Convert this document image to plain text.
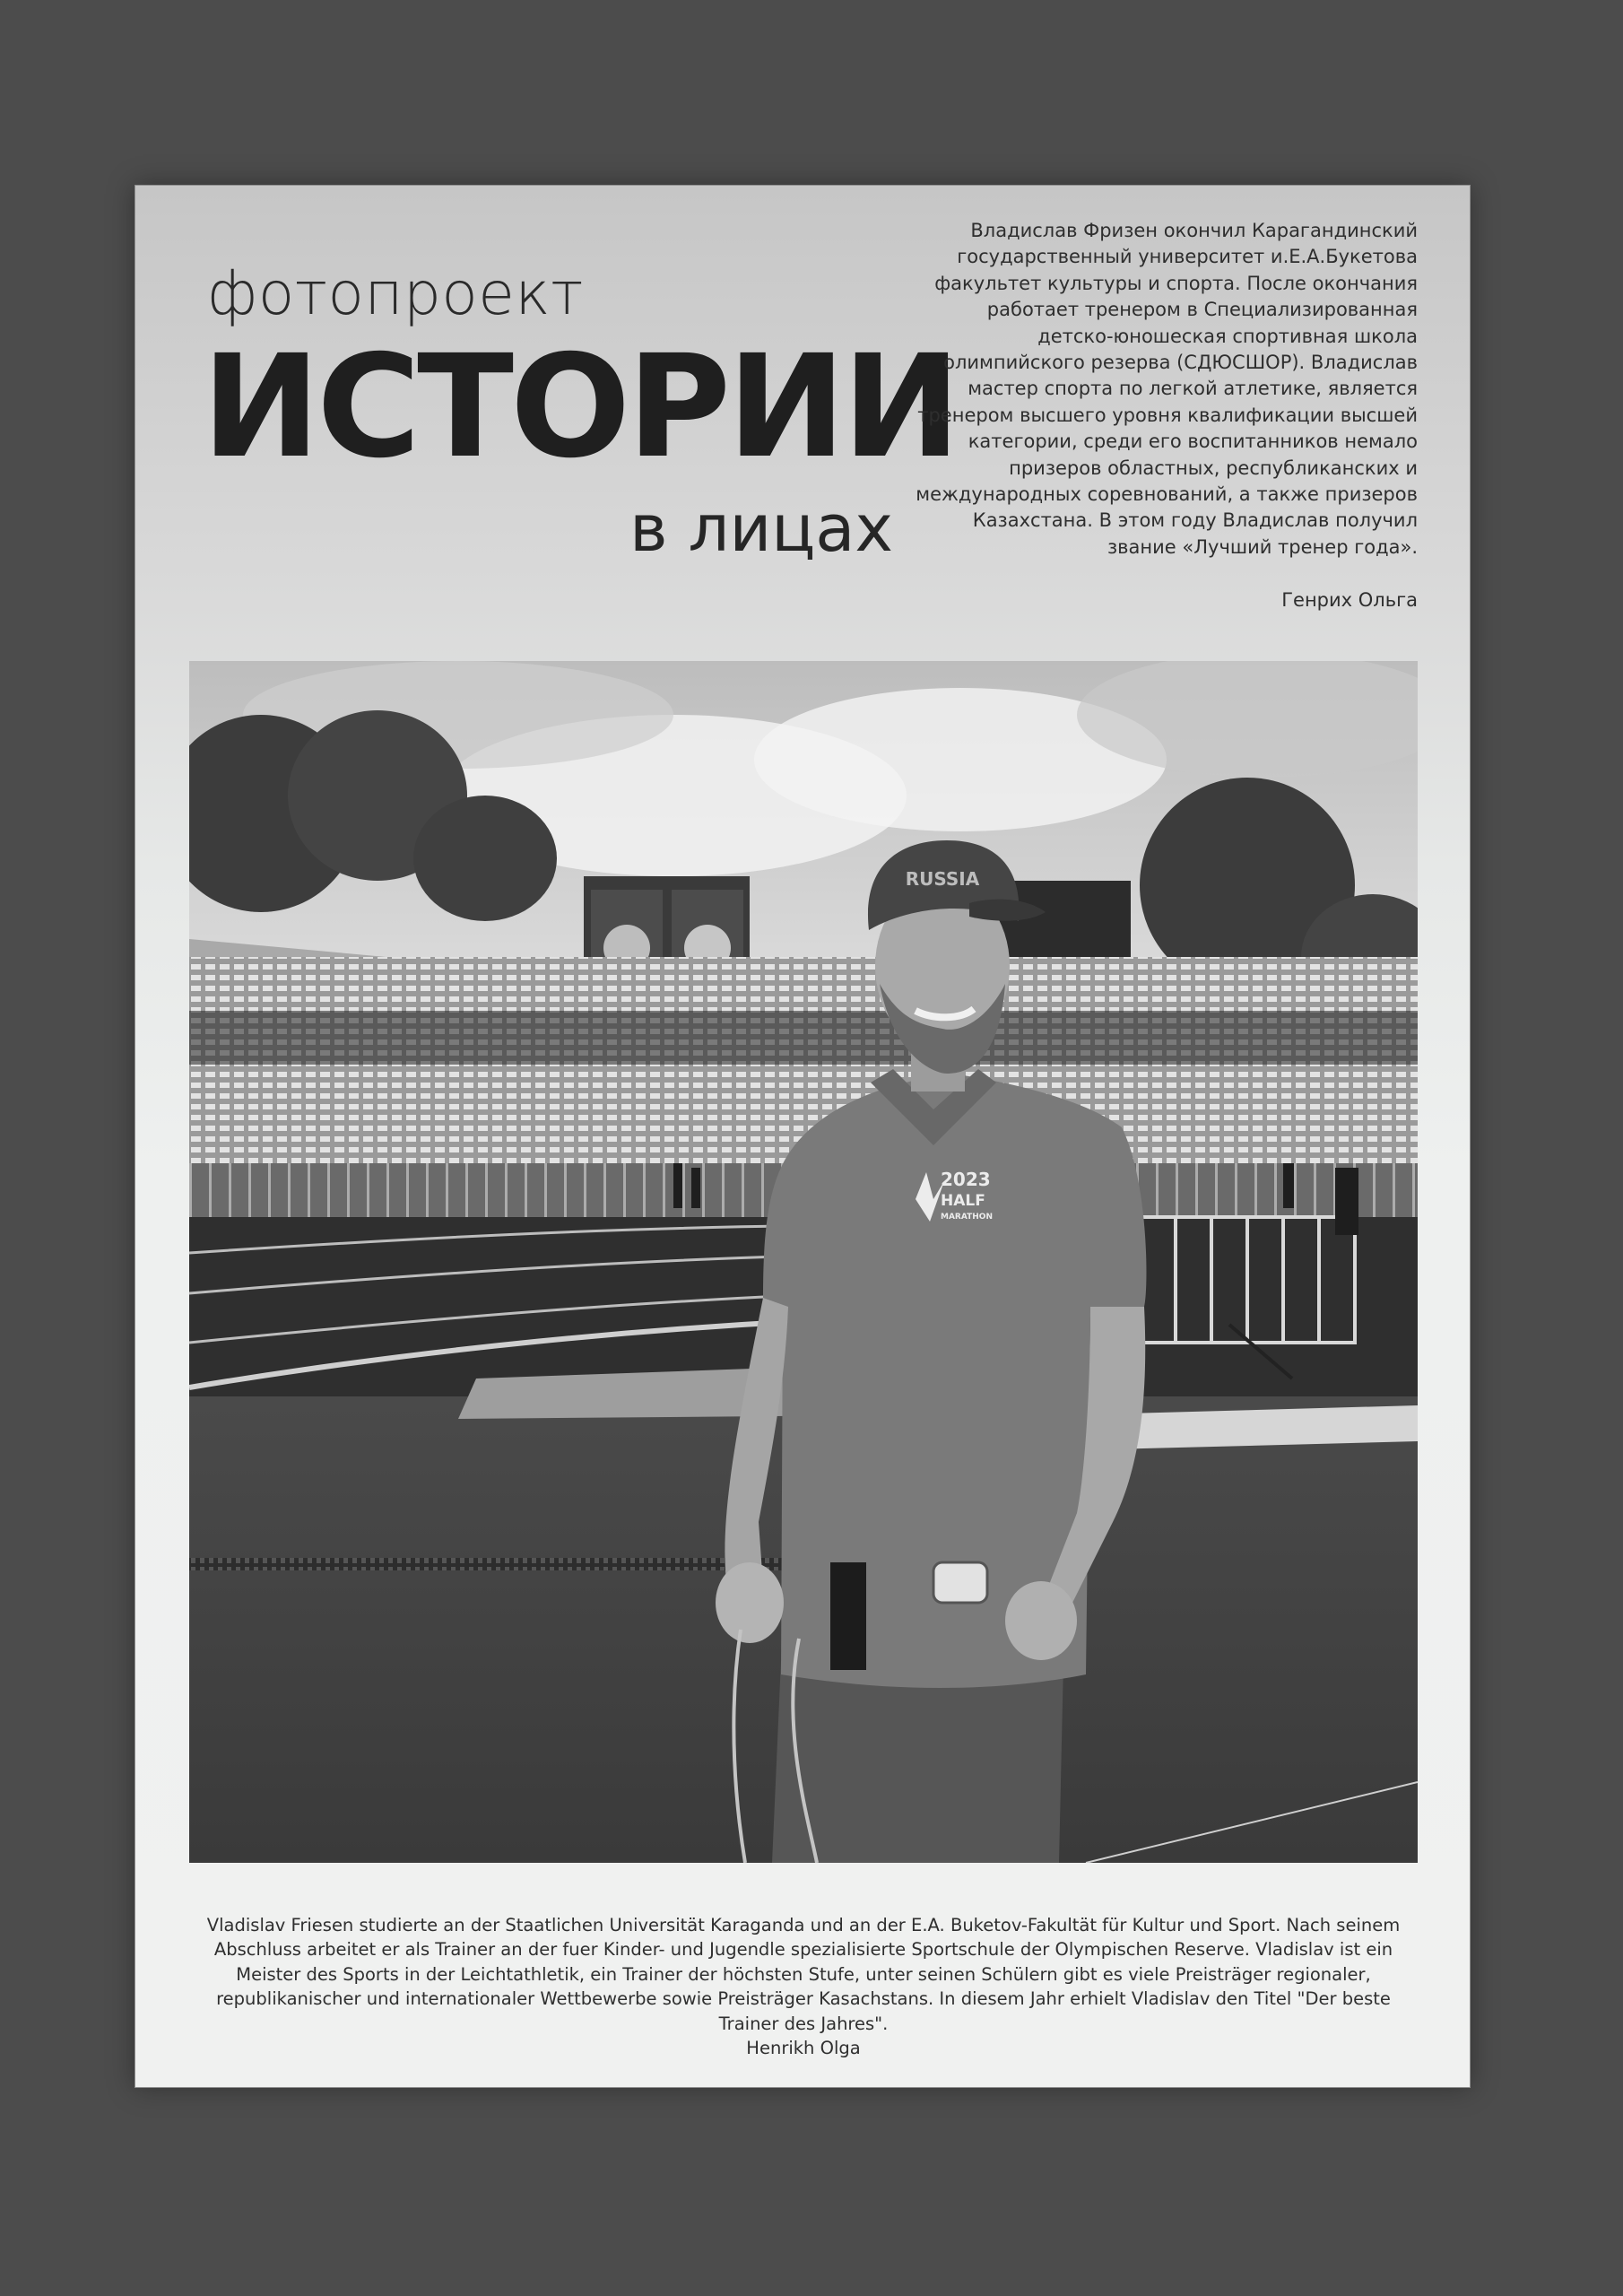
фотопроект
ИСТОРИИ
в лицах
Владислав Фризен окончил Карагандинский государственный университет и.Е.А.Букетова факультет культуры и спорта. После окончания работает тренером в Специализированная детско-юношеская спортивная школа олимпийского резерва (СДЮСШОР). Владислав мастер спорта по легкой атлетике, является тренером высшего уровня квалификации высшей категории, среди его воспитанников немало призеров областных, республиканских и международных соревнований, а также призеров Казахстана. В этом году Владислав получил звание «Лучший тренер года».
Генрих Ольга
RUSSIA
2023
HALF
MARATHON
Vladislav Friesen studierte an der Staatlichen Universität Karaganda und an der E.A. Buketov-Fakultät für Kultur und Sport. Nach seinem Abschluss arbeitet er als Trainer an der fuer Kinder- und Jugendle spezialisierte Sportschule der Olympischen Reserve. Vladislav ist ein Meister des Sports in der Leichtathletik, ein Trainer der höchsten Stufe, unter seinen Schülern gibt es viele Preisträger regionaler, republikanischer und internationaler Wettbewerbe sowie Preisträger Kasachstans. In diesem Jahr erhielt Vladislav den Titel "Der beste Trainer des Jahres".
Henrikh Olga
